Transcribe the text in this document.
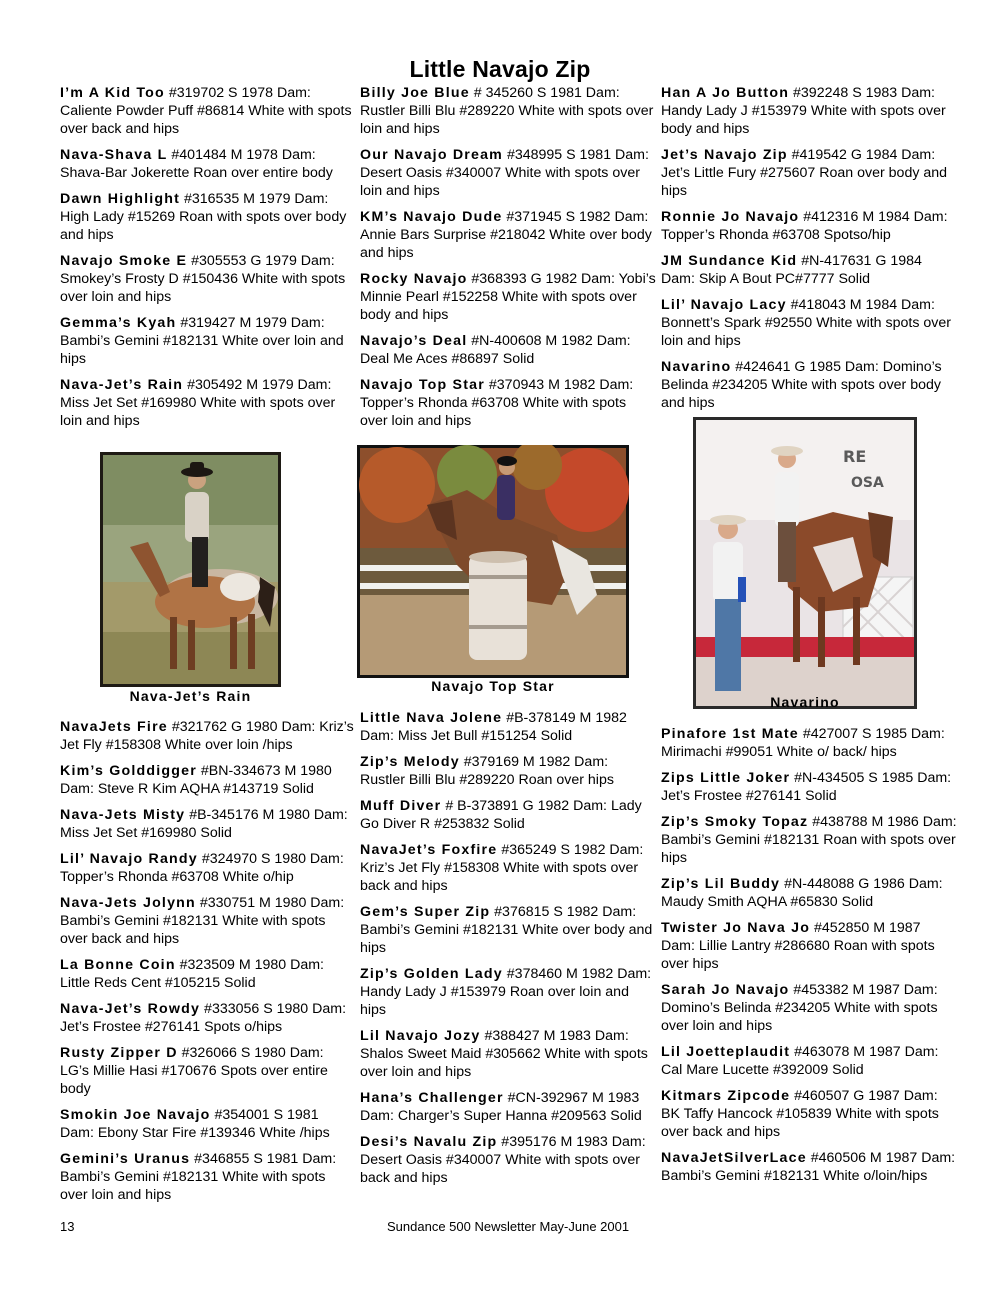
Little Navajo Zip
I’m A Kid Too #319702 S 1978 Dam: Caliente Powder Puff #86814 White with spots over back and hips
Nava-Shava L #401484 M 1978 Dam: Shava-Bar Jokerette Roan over entire body
Dawn Highlight #316535 M 1979 Dam: High Lady #15269 Roan with spots over body and hips
Navajo Smoke E #305553 G 1979 Dam: Smokey’s Frosty D #150436 White with spots over loin and hips
Gemma’s Kyah #319427 M 1979 Dam: Bambi’s Gemini #182131 White over loin and hips
Nava-Jet’s Rain #305492 M 1979 Dam: Miss Jet Set #169980 White with spots over loin and hips
Billy Joe Blue # 345260 S 1981 Dam: Rustler Billi Blu #289220 White with spots over loin and hips
Our Navajo Dream #348995 S 1981 Dam: Desert Oasis #340007 White with spots over loin and hips
KM’s Navajo Dude #371945 S 1982 Dam: Annie Bars Surprise #218042 White over body and hips
Rocky Navajo #368393 G 1982 Dam: Yobi’s Minnie Pearl #152258 White with spots over body and hips
Navajo’s Deal #N-400608 M 1982 Dam: Deal Me Aces #86897 Solid
Navajo Top Star #370943 M 1982 Dam: Topper’s Rhonda #63708 White with spots over loin and hips
Han A Jo Button #392248 S 1983 Dam: Handy Lady J #153979 White with spots over body and hips
Jet’s Navajo Zip #419542 G 1984 Dam: Jet’s Little Fury #275607 Roan over body and hips
Ronnie Jo Navajo #412316 M 1984 Dam: Topper’s Rhonda #63708 Spotso/hip
JM Sundance Kid #N-417631 G 1984 Dam: Skip A Bout PC#7777 Solid
Lil’ Navajo Lacy #418043 M 1984 Dam: Bonnett’s Spark #92550 White with spots over loin and hips
Navarino #424641 G 1985 Dam: Domino’s Belinda #234205 White with spots over body and hips
Nava-Jet’s Rain
Navajo Top Star
RE
OSA
Navarino
NavaJets Fire #321762 G 1980 Dam: Kriz’s Jet Fly #158308 White over loin /hips
Kim’s Golddigger #BN-334673 M 1980 Dam: Steve R Kim AQHA #143719 Solid
Nava-Jets Misty #B-345176 M 1980 Dam: Miss Jet Set #169980 Solid
Lil’ Navajo Randy #324970 S 1980 Dam: Topper’s Rhonda #63708 White o/hip
Nava-Jets Jolynn #330751 M 1980 Dam: Bambi’s Gemini #182131 White with spots over back and hips
La Bonne Coin #323509 M 1980 Dam: Little Reds Cent #105215 Solid
Nava-Jet’s Rowdy #333056 S 1980 Dam: Jet’s Frostee #276141 Spots o/hips
Rusty Zipper D #326066 S 1980 Dam: LG’s Millie Hasi #170676 Spots over entire body
Smokin Joe Navajo #354001 S 1981 Dam: Ebony Star Fire #139346 White /hips
Gemini’s Uranus #346855 S 1981 Dam: Bambi’s Gemini #182131 White with spots over loin and hips
Little Nava Jolene #B-378149 M 1982 Dam: Miss Jet Bull #151254 Solid
Zip’s Melody #379169 M 1982 Dam: Rustler Billi Blu #289220 Roan over hips
Muff Diver # B-373891 G 1982 Dam: Lady Go Diver R #253832 Solid
NavaJet’s Foxfire #365249 S 1982 Dam: Kriz’s Jet Fly #158308 White with spots over back and hips
Gem’s Super Zip #376815 S 1982 Dam: Bambi’s Gemini #182131 White over body and hips
Zip’s Golden Lady #378460 M 1982 Dam: Handy Lady J #153979 Roan over loin and hips
Lil Navajo Jozy #388427 M 1983 Dam: Shalos Sweet Maid #305662 White with spots over loin and hips
Hana’s Challenger #CN-392967 M 1983 Dam: Charger’s Super Hanna #209563 Solid
Desi’s Navalu Zip #395176 M 1983 Dam: Desert Oasis #340007 White with spots over back and hips
Pinafore 1st Mate #427007 S 1985 Dam: Mirimachi #99051 White o/ back/ hips
Zips Little Joker #N-434505 S 1985 Dam: Jet’s Frostee #276141 Solid
Zip’s Smoky Topaz #438788 M 1986 Dam: Bambi’s Gemini #182131 Roan with spots over hips
Zip’s Lil Buddy #N-448088 G 1986 Dam: Maudy Smith AQHA #65830 Solid
Twister Jo Nava Jo #452850 M 1987 Dam: Lillie Lantry #286680 Roan with spots over hips
Sarah Jo Navajo #453382 M 1987 Dam: Domino’s Belinda #234205 White with spots over loin and hips
Lil Joetteplaudit #463078 M 1987 Dam: Cal Mare Lucette #392009 Solid
Kitmars Zipcode #460507 G 1987 Dam: BK Taffy Hancock #105839 White with spots over back and hips
NavaJetSilverLace #460506 M 1987 Dam: Bambi’s Gemini #182131 White o/loin/hips
13	Sundance 500 Newsletter May-June 2001
